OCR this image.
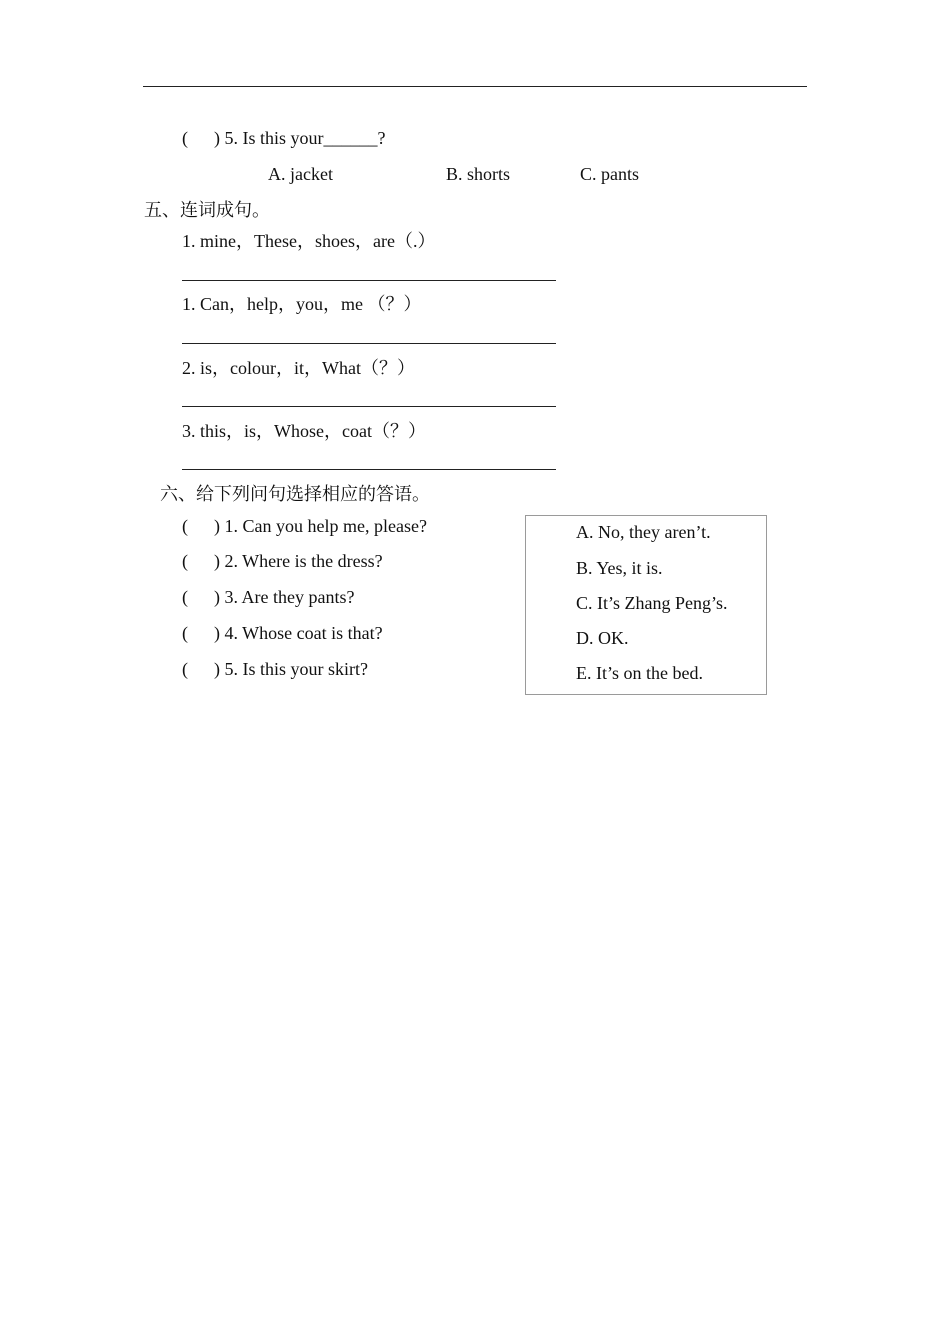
( ) 5. Is this your______?
A. jacket	B. shorts	C. pants
五、连词成句。
1. mine，These，shoes，are（.）
1. Can，help，you，me （？）
2. is，colour，it，What（？）
3. this，is，Whose，coat（？）
六、给下列问句选择相应的答语。
( ) 1. Can you help me, please?
( ) 2. Where is the dress?
( ) 3. Are they pants?
( ) 4. Whose coat is that?
( ) 5. Is this your skirt?
A. No, they aren’t.
B. Yes, it is.
C. It’s Zhang Peng’s.
D. OK.
E. It’s on the bed.
